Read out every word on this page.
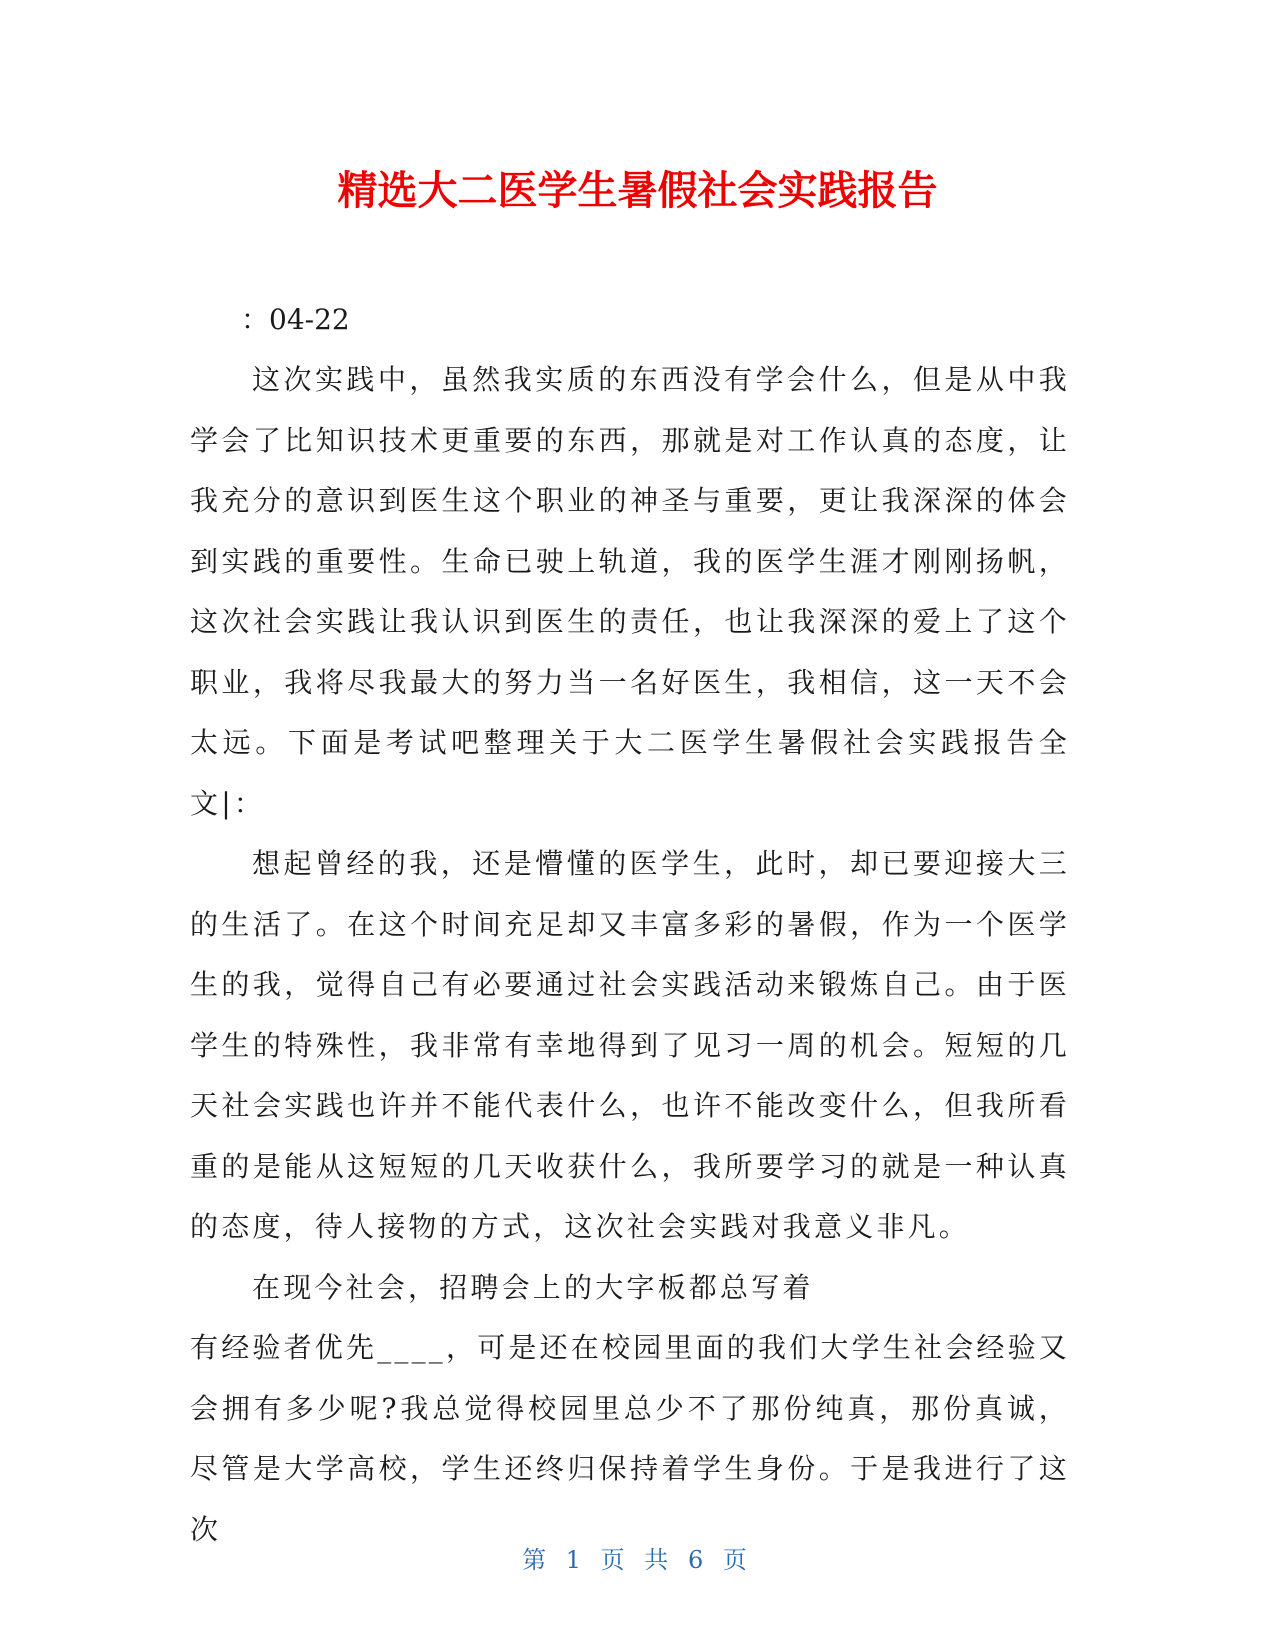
精选大二医学生暑假社会实践报告

：04-22

这次实践中，虽然我实质的东西没有学会什么，但是从中我学会了比知识技术更重要的东西，那就是对工作认真的态度，让我充分的意识到医生这个职业的神圣与重要，更让我深深的体会到实践的重要性。生命已驶上轨道，我的医学生涯才刚刚扬帆，这次社会实践让我认识到医生的责任，也让我深深的爱上了这个职业，我将尽我最大的努力当一名好医生，我相信，这一天不会太远。下面是考试吧整理关于大二医学生暑假社会实践报告全文|：

想起曾经的我，还是懵懂的医学生，此时，却已要迎接大三的生活了。在这个时间充足却又丰富多彩的暑假，作为一个医学生的我，觉得自己有必要通过社会实践活动来锻炼自己。由于医学生的特殊性，我非常有幸地得到了见习一周的机会。短短的几天社会实践也许并不能代表什么，也许不能改变什么，但我所看重的是能从这短短的几天收获什么，我所要学习的就是一种认真的态度，待人接物的方式，这次社会实践对我意义非凡。

在现今社会，招聘会上的大字板都总写着

有经验者优先____，可是还在校园里面的我们大学生社会经验又会拥有多少呢?我总觉得校园里总少不了那份纯真，那份真诚，尽管是大学高校，学生还终归保持着学生身份。于是我进行了这次

第 1 页 共 6 页
